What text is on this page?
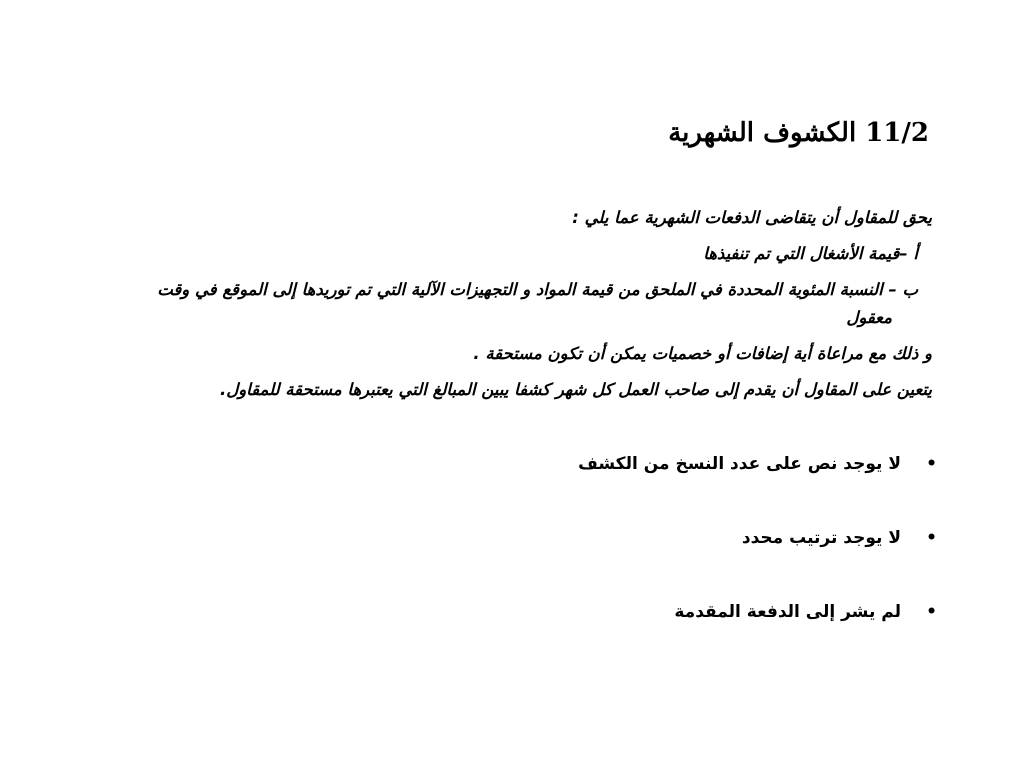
11/2 الكشوف الشهرية

يحق للمقاول أن يتقاضى الدفعات الشهرية عما يلي :

أ –قيمة الأشغال التي تم تنفيذها

ب – النسبة المئوية المحددة في الملحق من قيمة المواد و التجهيزات الآلية التي تم توريدها إلى الموقع في وقت معقول

و ذلك مع مراعاة أية إضافات أو خصميات يمكن أن تكون مستحقة .

يتعين على المقاول أن يقدم إلى صاحب العمل كل شهر كشفا يبين المبالغ التي يعتبرها مستحقة للمقاول.

•
لا يوجد نص على عدد النسخ من الكشف
•
لا يوجد ترتيب محدد
•
لم يشر إلى الدفعة المقدمة
